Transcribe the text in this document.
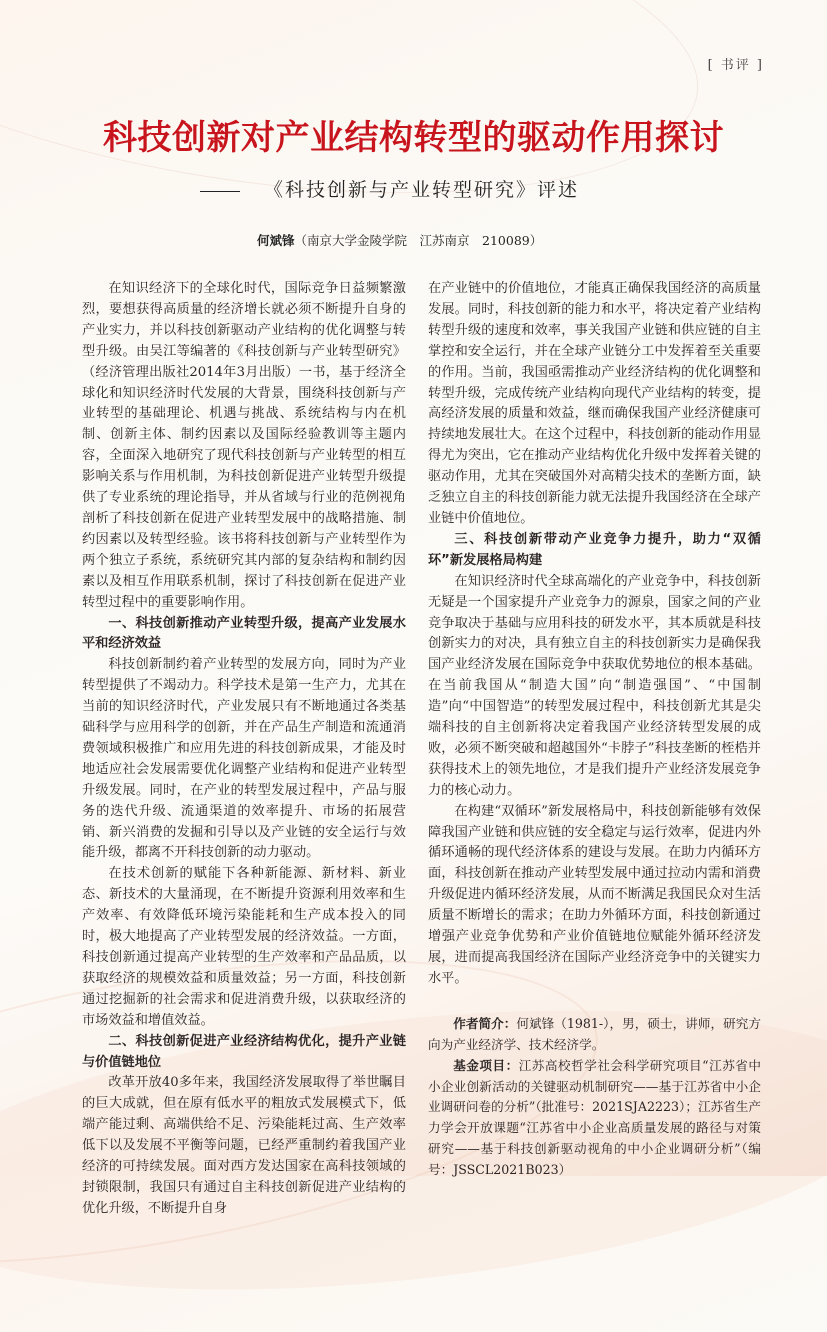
[ 书评 ]
科技创新对产业结构转型的驱动作用探讨
《科技创新与产业转型研究》评述
何斌锋（南京大学金陵学院　江苏南京　210089）

在知识经济下的全球化时代，国际竞争日益频繁激烈，要想获得高质量的经济增长就必须不断提升自身的产业实力，并以科技创新驱动产业结构的优化调整与转型升级。由吴江等编著的《科技创新与产业转型研究》（经济管理出版社2014年3月出版）一书，基于经济全球化和知识经济时代发展的大背景，围绕科技创新与产业转型的基础理论、机遇与挑战、系统结构与内在机制、创新主体、制约因素以及国际经验教训等主题内容，全面深入地研究了现代科技创新与产业转型的相互影响关系与作用机制，为科技创新促进产业转型升级提供了专业系统的理论指导，并从省域与行业的范例视角剖析了科技创新在促进产业转型发展中的战略措施、制约因素以及转型经验。该书将科技创新与产业转型作为两个独立子系统，系统研究其内部的复杂结构和制约因素以及相互作用联系机制，探讨了科技创新在促进产业转型过程中的重要影响作用。

一、科技创新推动产业转型升级，提高产业发展水平和经济效益

科技创新制约着产业转型的发展方向，同时为产业转型提供了不竭动力。科学技术是第一生产力，尤其在当前的知识经济时代，产业发展只有不断地通过各类基础科学与应用科学的创新，并在产品生产制造和流通消费领域积极推广和应用先进的科技创新成果，才能及时地适应社会发展需要优化调整产业结构和促进产业转型升级发展。同时，在产业的转型发展过程中，产品与服务的迭代升级、流通渠道的效率提升、市场的拓展营销、新兴消费的发掘和引导以及产业链的安全运行与效能升级，都离不开科技创新的动力驱动。

在技术创新的赋能下各种新能源、新材料、新业态、新技术的大量涌现，在不断提升资源利用效率和生产效率、有效降低环境污染能耗和生产成本投入的同时，极大地提高了产业转型发展的经济效益。一方面，科技创新通过提高产业转型的生产效率和产品品质，以获取经济的规模效益和质量效益；另一方面，科技创新通过挖掘新的社会需求和促进消费升级，以获取经济的市场效益和增值效益。

二、科技创新促进产业经济结构优化，提升产业链与价值链地位

改革开放40多年来，我国经济发展取得了举世瞩目的巨大成就，但在原有低水平的粗放式发展模式下，低端产能过剩、高端供给不足、污染能耗过高、生产效率低下以及发展不平衡等问题，已经严重制约着我国产业经济的可持续发展。面对西方发达国家在高科技领域的封锁限制，我国只有通过自主科技创新促进产业结构的优化升级，不断提升自身

在产业链中的价值地位，才能真正确保我国经济的高质量发展。同时，科技创新的能力和水平，将决定着产业结构转型升级的速度和效率，事关我国产业链和供应链的自主掌控和安全运行，并在全球产业链分工中发挥着至关重要的作用。当前，我国亟需推动产业经济结构的优化调整和转型升级，完成传统产业结构向现代产业结构的转变，提高经济发展的质量和效益，继而确保我国产业经济健康可持续地发展壮大。在这个过程中，科技创新的能动作用显得尤为突出，它在推动产业结构优化升级中发挥着关键的驱动作用，尤其在突破国外对高精尖技术的垄断方面，缺乏独立自主的科技创新能力就无法提升我国经济在全球产业链中价值地位。

三、科技创新带动产业竞争力提升，助力“双循环”新发展格局构建

在知识经济时代全球高端化的产业竞争中，科技创新无疑是一个国家提升产业竞争力的源泉，国家之间的产业竞争取决于基础与应用科技的研发水平，其本质就是科技创新实力的对决，具有独立自主的科技创新实力是确保我国产业经济发展在国际竞争中获取优势地位的根本基础。在当前我国从“制造大国”向“制造强国”、“中国制造”向“中国智造”的转型发展过程中，科技创新尤其是尖端科技的自主创新将决定着我国产业经济转型发展的成败，必须不断突破和超越国外“卡脖子”科技垄断的桎梏并获得技术上的领先地位，才是我们提升产业经济发展竞争力的核心动力。

在构建“双循环”新发展格局中，科技创新能够有效保障我国产业链和供应链的安全稳定与运行效率，促进内外循环通畅的现代经济体系的建设与发展。在助力内循环方面，科技创新在推动产业转型发展中通过拉动内需和消费升级促进内循环经济发展，从而不断满足我国民众对生活质量不断增长的需求；在助力外循环方面，科技创新通过增强产业竞争优势和产业价值链地位赋能外循环经济发展，进而提高我国经济在国际产业经济竞争中的关键实力水平。

作者简介：何斌锋（1981-），男，硕士，讲师，研究方向为产业经济学、技术经济学。

基金项目：江苏高校哲学社会科学研究项目“江苏省中小企业创新活动的关键驱动机制研究——基于江苏省中小企业调研问卷的分析”（批准号：2021SJA2223）；江苏省生产力学会开放课题“江苏省中小企业高质量发展的路径与对策研究——基于科技创新驱动视角的中小企业调研分析”（编号：JSSCL2021B023）
